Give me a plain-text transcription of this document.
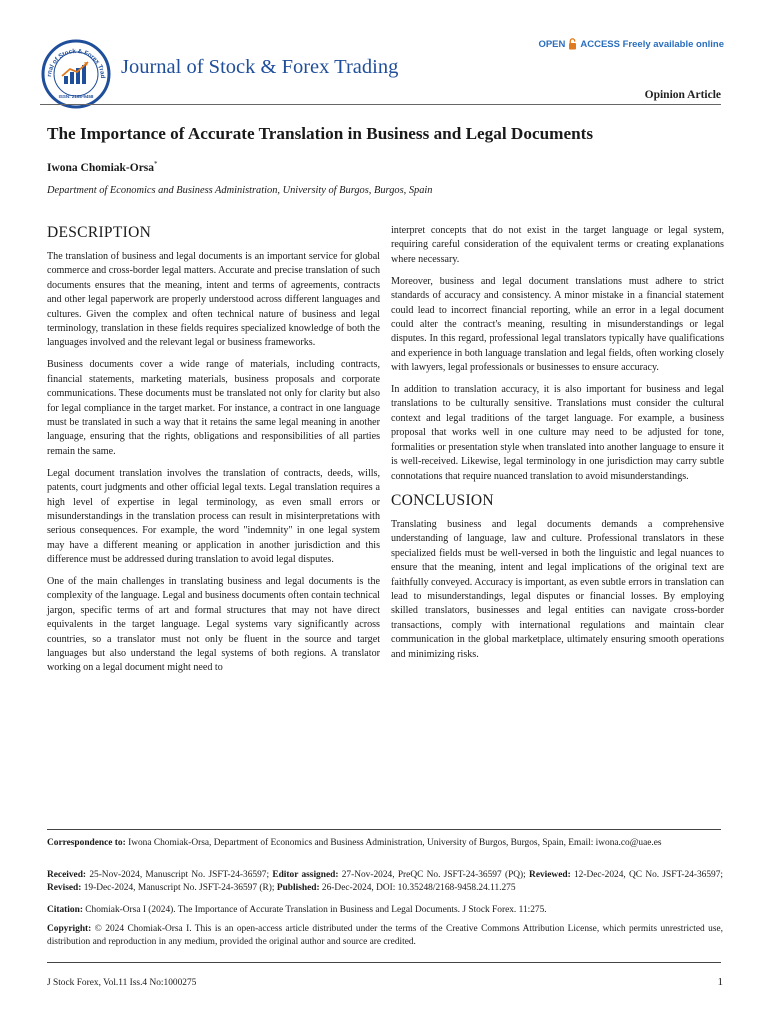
rnal of Stock & Forex Trad
ISSN: 2168-9458
Journal of Stock & Forex Trading
OPEN ACCESS Freely available online
Opinion Article
The Importance of Accurate Translation in Business and Legal Documents
Iwona Chomiak-Orsa*
Department of Economics and Business Administration, University of Burgos, Burgos, Spain
DESCRIPTION

The translation of business and legal documents is an important service for global commerce and cross-border legal matters. Accurate and precise translation of such documents ensures that the meaning, intent and terms of agreements, contracts and other legal paperwork are properly understood across different languages and cultures. Given the complex and often technical nature of business and legal terminology, translation in these fields requires specialized knowledge of both the languages involved and the relevant legal or business frameworks.

Business documents cover a wide range of materials, including contracts, financial statements, marketing materials, business proposals and corporate communications. These documents must be translated not only for clarity but also for legal compliance in the target market. For instance, a contract in one language must be translated in such a way that it retains the same legal meaning in another language, ensuring that the rights, obligations and responsibilities of all parties remain the same.

Legal document translation involves the translation of contracts, deeds, wills, patents, court judgments and other official legal texts. Legal translation requires a high level of expertise in legal terminology, as even small errors or misunderstandings in the translation process can result in misinterpretations with serious consequences. For example, the word "indemnity" in one legal system may have a different meaning or application in another jurisdiction and this difference must be addressed during translation to avoid legal disputes.

One of the main challenges in translating business and legal documents is the complexity of the language. Legal and business documents often contain technical jargon, specific terms of art and formal structures that may not have direct equivalents in the target language. Legal systems vary significantly across countries, so a translator must not only be fluent in the source and target languages but also understand the legal systems of both regions. A translator working on a legal document might need to

interpret concepts that do not exist in the target language or legal system, requiring careful consideration of the equivalent terms or creating explanations where necessary.

Moreover, business and legal document translations must adhere to strict standards of accuracy and consistency. A minor mistake in a financial statement could lead to incorrect financial reporting, while an error in a legal document could alter the contract's meaning, resulting in misunderstandings or legal disputes. In this regard, professional legal translators typically have qualifications and experience in both language translation and legal fields, often working closely with lawyers, legal professionals or businesses to ensure accuracy.

In addition to translation accuracy, it is also important for business and legal translations to be culturally sensitive. Translations must consider the cultural context and legal traditions of the target language. For example, a business proposal that works well in one culture may need to be adjusted for tone, formalities or presentation style when translated into another language to ensure it is well-received. Likewise, legal terminology in one jurisdiction may carry subtle connotations that require nuanced translation to avoid misunderstandings.

CONCLUSION

Translating business and legal documents demands a comprehensive understanding of language, law and culture. Professional translators in these specialized fields must be well-versed in both the linguistic and legal nuances to ensure that the meaning, intent and legal implications of the original text are faithfully conveyed. Accuracy is important, as even subtle errors in translation can lead to misunderstandings, legal disputes or financial losses. By employing skilled translators, businesses and legal entities can navigate cross-border transactions, comply with international regulations and maintain clear communication in the global marketplace, ultimately ensuring smooth operations and minimizing risks.

Correspondence to: Iwona Chomiak-Orsa, Department of Economics and Business Administration, University of Burgos, Burgos, Spain, Email: iwona.co@uae.es
Received: 25-Nov-2024, Manuscript No. JSFT-24-36597; Editor assigned: 27-Nov-2024, PreQC No. JSFT-24-36597 (PQ); Reviewed: 12-Dec-2024, QC No. JSFT-24-36597; Revised: 19-Dec-2024, Manuscript No. JSFT-24-36597 (R); Published: 26-Dec-2024, DOI: 10.35248/2168-9458.24.11.275
Citation: Chomiak-Orsa I (2024). The Importance of Accurate Translation in Business and Legal Documents. J Stock Forex. 11:275.
Copyright: © 2024 Chomiak-Orsa I. This is an open-access article distributed under the terms of the Creative Commons Attribution License, which permits unrestricted use, distribution and reproduction in any medium, provided the original author and source are credited.
J Stock Forex, Vol.11 Iss.4 No:1000275	1
